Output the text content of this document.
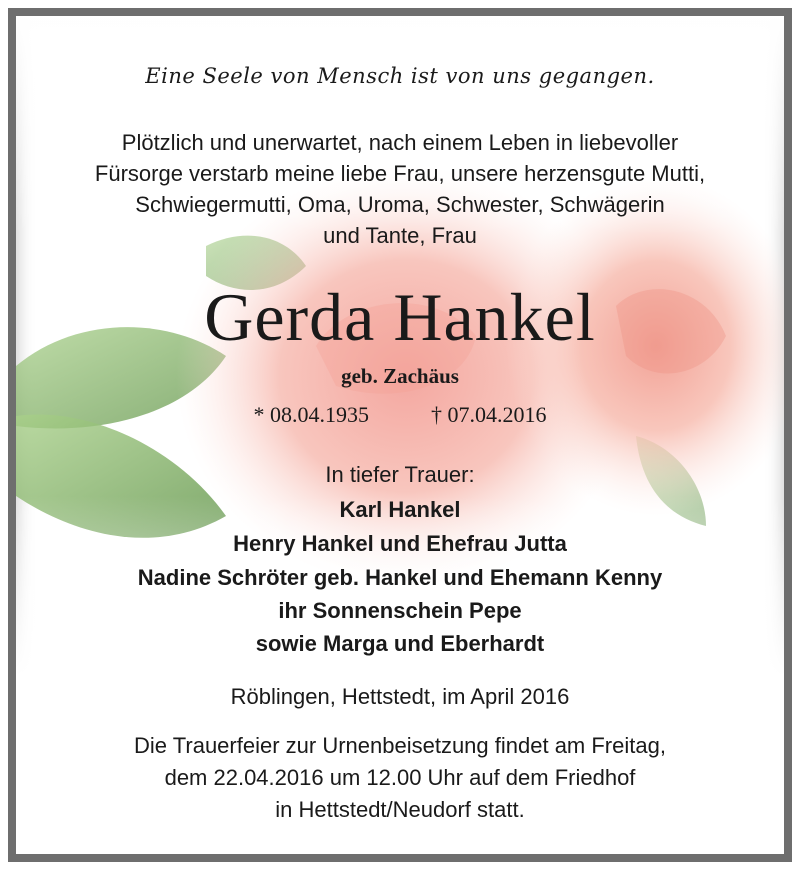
Eine Seele von Mensch ist von uns gegangen.
Plötzlich und unerwartet, nach einem Leben in liebevoller
Fürsorge verstarb meine liebe Frau, unsere herzensgute Mutti,
Schwiegermutti, Oma, Uroma, Schwester, Schwägerin
und Tante, Frau
Gerda Hankel
geb. Zachäus
* 08.04.1935	† 07.04.2016
In tiefer Trauer:
Karl Hankel
Henry Hankel und Ehefrau Jutta
Nadine Schröter geb. Hankel und Ehemann Kenny
ihr Sonnenschein Pepe
sowie Marga und Eberhardt
Röblingen, Hettstedt, im April 2016
Die Trauerfeier zur Urnenbeisetzung findet am Freitag,
dem 22.04.2016 um 12.00 Uhr auf dem Friedhof
in Hettstedt/Neudorf statt.
